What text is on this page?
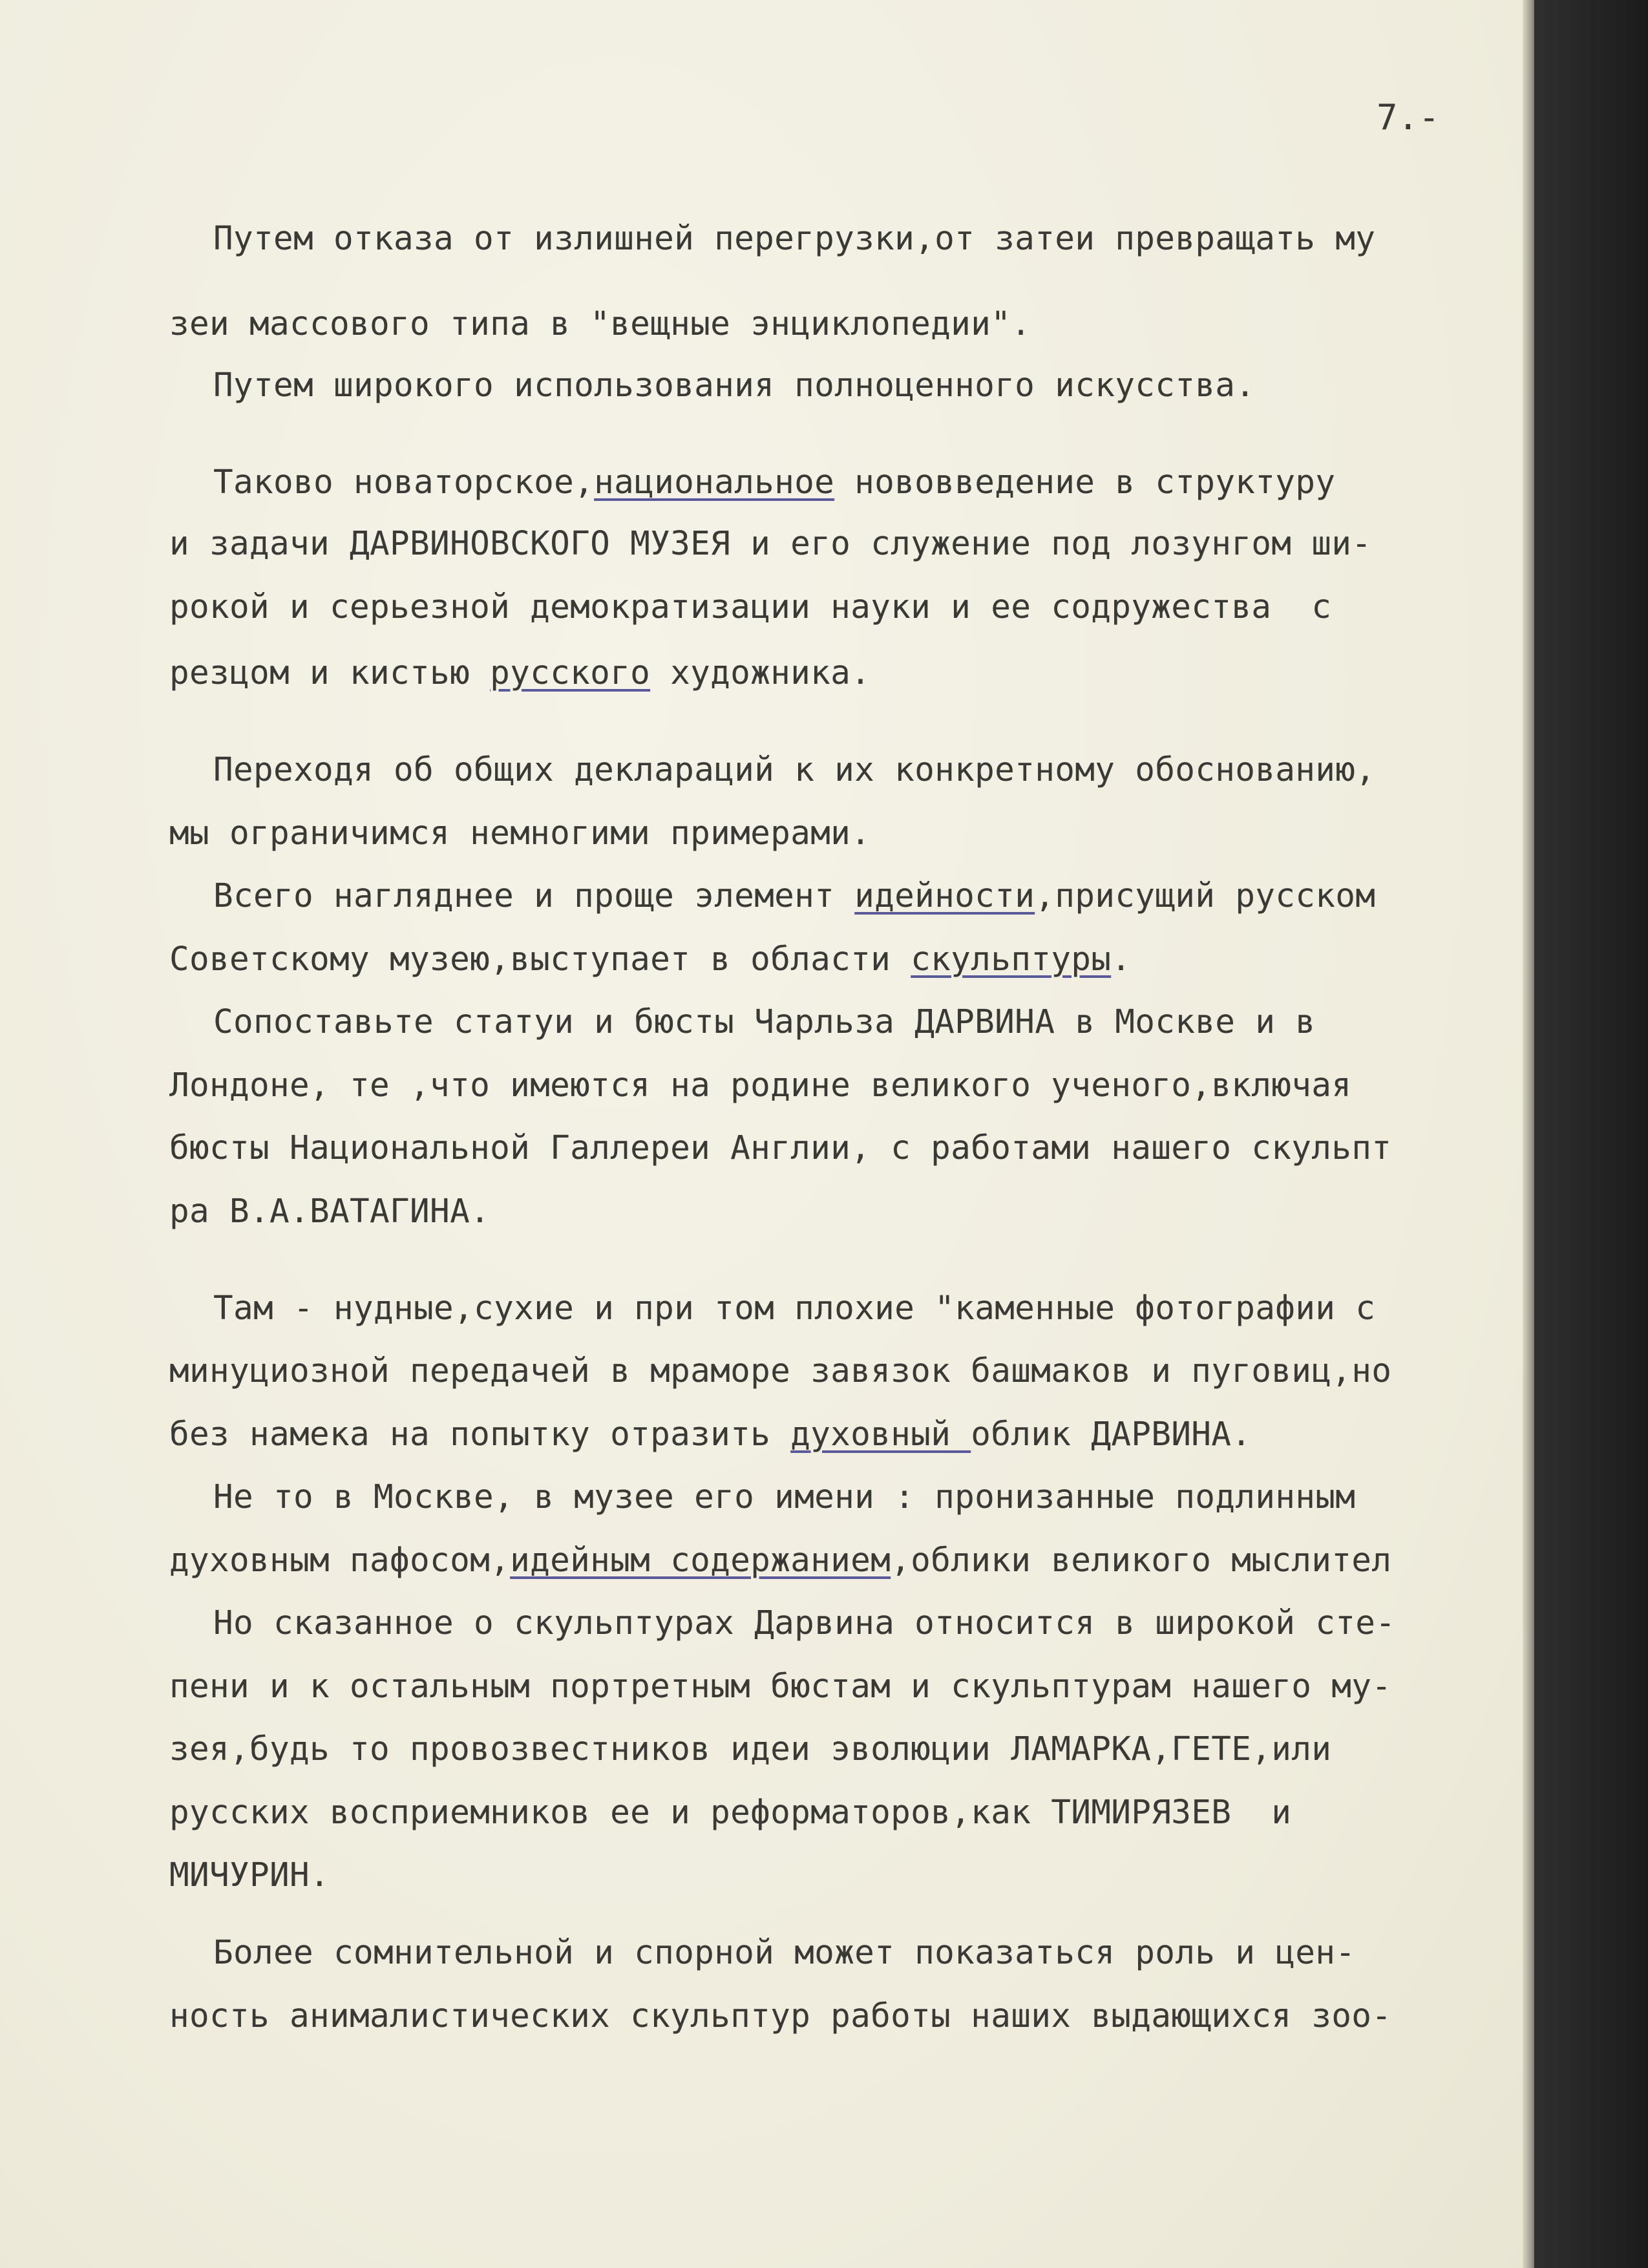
7.-
Путем отказа от излишней перегрузки,от затеи превращать му
зеи массового типа в "вещные энциклопедии".
Путем широкого использования полноценного искусства.
Таково новаторское,национальное нововведение в структуру
и задачи ДАРВИНОВСКОГО МУЗЕЯ и его служение под лозунгом ши-
рокой и серьезной демократизации науки и ее содружества  с
резцом и кистью русского художника.
Переходя об общих деклараций к их конкретному обоснованию,
мы ограничимся немногими примерами.
Всего нагляднее и проще элемент идейности,присущий русском
Советскому музею,выступает в области скульптуры.
Сопоставьте статуи и бюсты Чарльза ДАРВИНА в Москве и в
Лондоне, те ,что имеются на родине великого ученого,включая
бюсты Национальной Галлереи Англии, с работами нашего скульпт
ра В.А.ВАТАГИНА.
Там - нудные,сухие и при том плохие "каменные фотографии с
минуциозной передачей в мраморе завязок башмаков и пуговиц,но
без намека на попытку отразить духовный облик ДАРВИНА.
Не то в Москве, в музее его имени : пронизанные подлинным
духовным пафосом,идейным содержанием,облики великого мыслител
Но сказанное о скульптурах Дарвина относится в широкой сте-
пени и к остальным портретным бюстам и скульптурам нашего му-
зея,будь то провозвестников идеи эволюции ЛАМАРКА,ГЕТЕ,или
русских восприемников ее и реформаторов,как ТИМИРЯЗЕВ  и
МИЧУРИН.
Более сомнительной и спорной может показаться роль и цен-
ность анималистических скульптур работы наших выдающихся зоо-
